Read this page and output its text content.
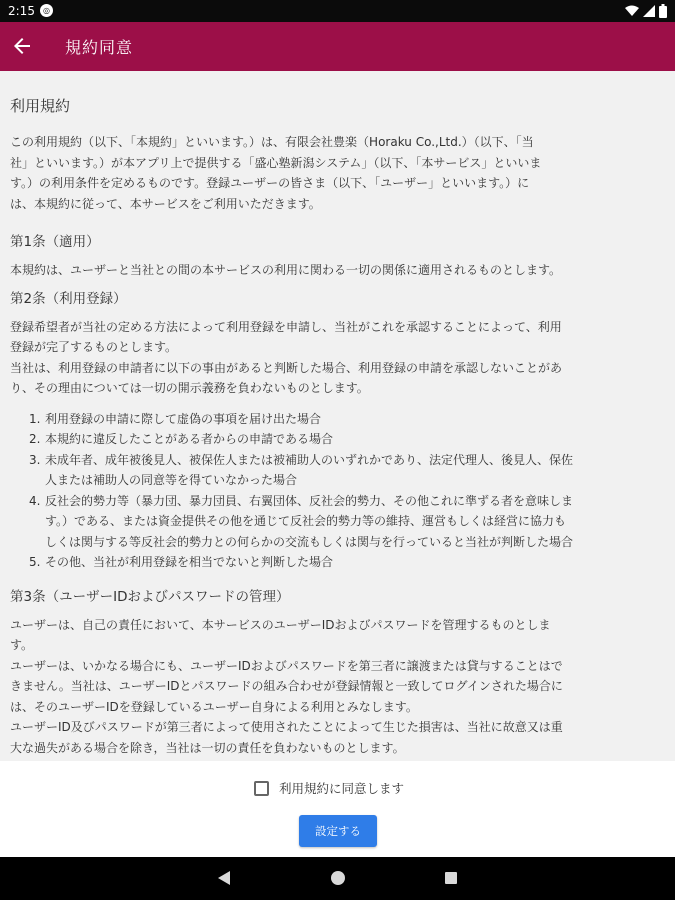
2:15	◎
規約同意
利用規約
この利用規約（以下、「本規約」といいます。）は、有限会社豊楽（Horaku Co.,Ltd.）（以下、「当
社」といいます。）が本アプリ上で提供する「盛心塾新潟システム」（以下、「本サービス」といいま
す。）の利用条件を定めるものです。登録ユーザーの皆さま（以下、「ユーザー」といいます。）に
は、本規約に従って、本サービスをご利用いただきます。
第1条（適用）
本規約は、ユーザーと当社との間の本サービスの利用に関わる一切の関係に適用されるものとします。
第2条（利用登録）
登録希望者が当社の定める方法によって利用登録を申請し、当社がこれを承認することによって、利用
登録が完了するものとします。
当社は、利用登録の申請者に以下の事由があると判断した場合、利用登録の申請を承認しないことがあ
り、その理由については一切の開示義務を負わないものとします。
1. 利用登録の申請に際して虚偽の事項を届け出た場合
2. 本規約に違反したことがある者からの申請である場合
3. 未成年者、成年被後見人、被保佐人または被補助人のいずれかであり、法定代理人、後見人、保佐
人または補助人の同意等を得ていなかった場合
4. 反社会的勢力等（暴力団、暴力団員、右翼団体、反社会的勢力、その他これに準ずる者を意味しま
す。）である、または資金提供その他を通じて反社会的勢力等の維持、運営もしくは経営に協力も
しくは関与する等反社会的勢力との何らかの交流もしくは関与を行っていると当社が判断した場合
5. その他、当社が利用登録を相当でないと判断した場合
第3条（ユーザーIDおよびパスワードの管理）
ユーザーは、自己の責任において、本サービスのユーザーIDおよびパスワードを管理するものとしま
す。
ユーザーは、いかなる場合にも、ユーザーIDおよびパスワードを第三者に譲渡または貸与することはで
きません。当社は、ユーザーIDとパスワードの組み合わせが登録情報と一致してログインされた場合に
は、そのユーザーIDを登録しているユーザー自身による利用とみなします。
ユーザーID及びパスワードが第三者によって使用されたことによって生じた損害は、当社に故意又は重
大な過失がある場合を除き，当社は一切の責任を負わないものとします。
利用規約に同意します
設定する
